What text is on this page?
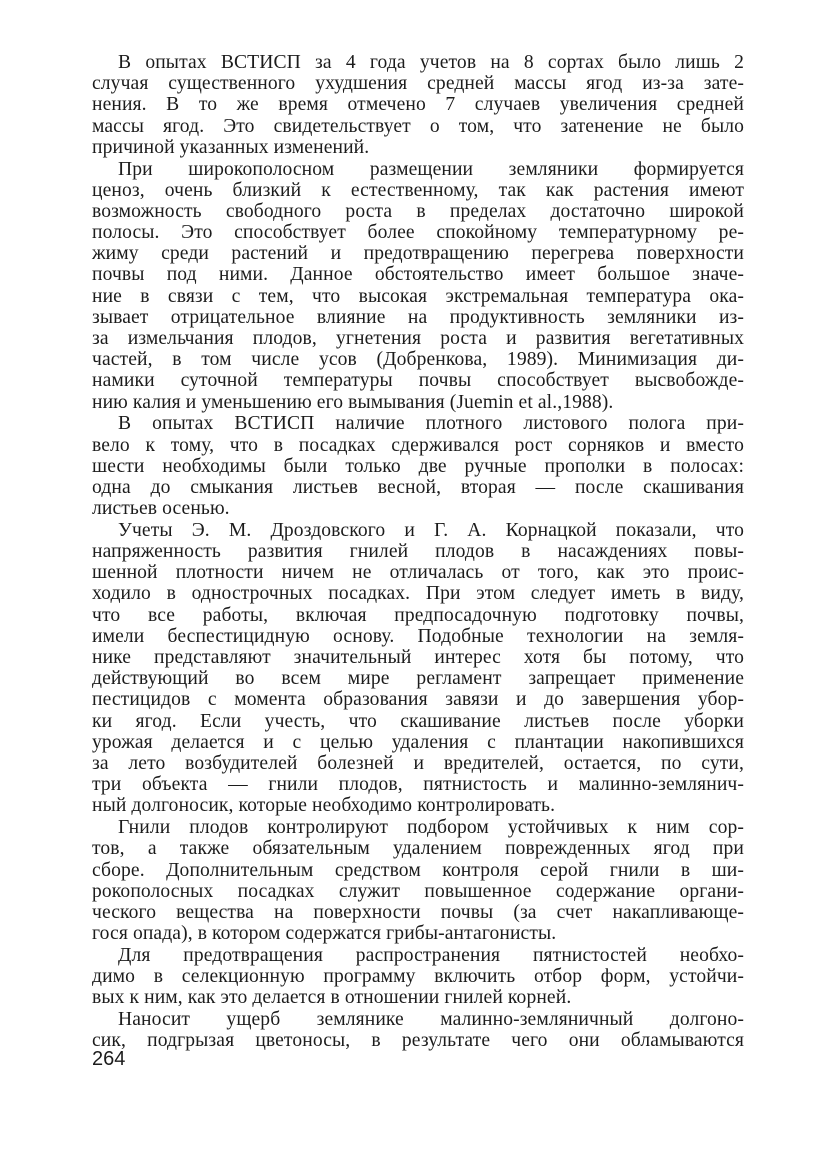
В опытах ВСТИСП за 4 года учетов на 8 сортах было лишь 2
случая существенного ухудшения средней массы ягод из-за зате-
нения. В то же время отмечено 7 случаев увеличения средней
массы ягод. Это свидетельствует о том, что затенение не было
причиной указанных изменений.
При широкополосном размещении земляники формируется
ценоз, очень близкий к естественному, так как растения имеют
возможность свободного роста в пределах достаточно широкой
полосы. Это способствует более спокойному температурному ре-
жиму среди растений и предотвращению перегрева поверхности
почвы под ними. Данное обстоятельство имеет большое значе-
ние в связи с тем, что высокая экстремальная температура ока-
зывает отрицательное влияние на продуктивность земляники из-
за измельчания плодов, угнетения роста и развития вегетативных
частей, в том числе усов (Добренкова, 1989). Минимизация ди-
намики суточной температуры почвы способствует высвобожде-
нию калия и уменьшению его вымывания (Juemin et al.,1988).
В опытах ВСТИСП наличие плотного листового полога при-
вело к тому, что в посадках сдерживался рост сорняков и вместо
шести необходимы были только две ручные прополки в полосах:
одна до смыкания листьев весной, вторая — после скашивания
листьев осенью.
Учеты Э. М. Дроздовского и Г. А. Корнацкой показали, что
напряженность развития гнилей плодов в насаждениях повы-
шенной плотности ничем не отличалась от того, как это проис-
ходило в однострочных посадках. При этом следует иметь в виду,
что все работы, включая предпосадочную подготовку почвы,
имели беспестицидную основу. Подобные технологии на земля-
нике представляют значительный интерес хотя бы потому, что
действующий во всем мире регламент запрещает применение
пестицидов с момента образования завязи и до завершения убор-
ки ягод. Если учесть, что скашивание листьев после уборки
урожая делается и с целью удаления с плантации накопившихся
за лето возбудителей болезней и вредителей, остается, по сути,
три объекта — гнили плодов, пятнистость и малинно-землянич-
ный долгоносик, которые необходимо контролировать.
Гнили плодов контролируют подбором устойчивых к ним сор-
тов, а также обязательным удалением поврежденных ягод при
сборе. Дополнительным средством контроля серой гнили в ши-
рокополосных посадках служит повышенное содержание органи-
ческого вещества на поверхности почвы (за счет накапливающе-
гося опада), в котором содержатся грибы-антагонисты.
Для предотвращения распространения пятнистостей необхо-
димо в селекционную программу включить отбор форм, устойчи-
вых к ним, как это делается в отношении гнилей корней.
Наносит ущерб землянике малинно-земляничный долгоно-
сик, подгрызая цветоносы, в результате чего они обламываются
264
